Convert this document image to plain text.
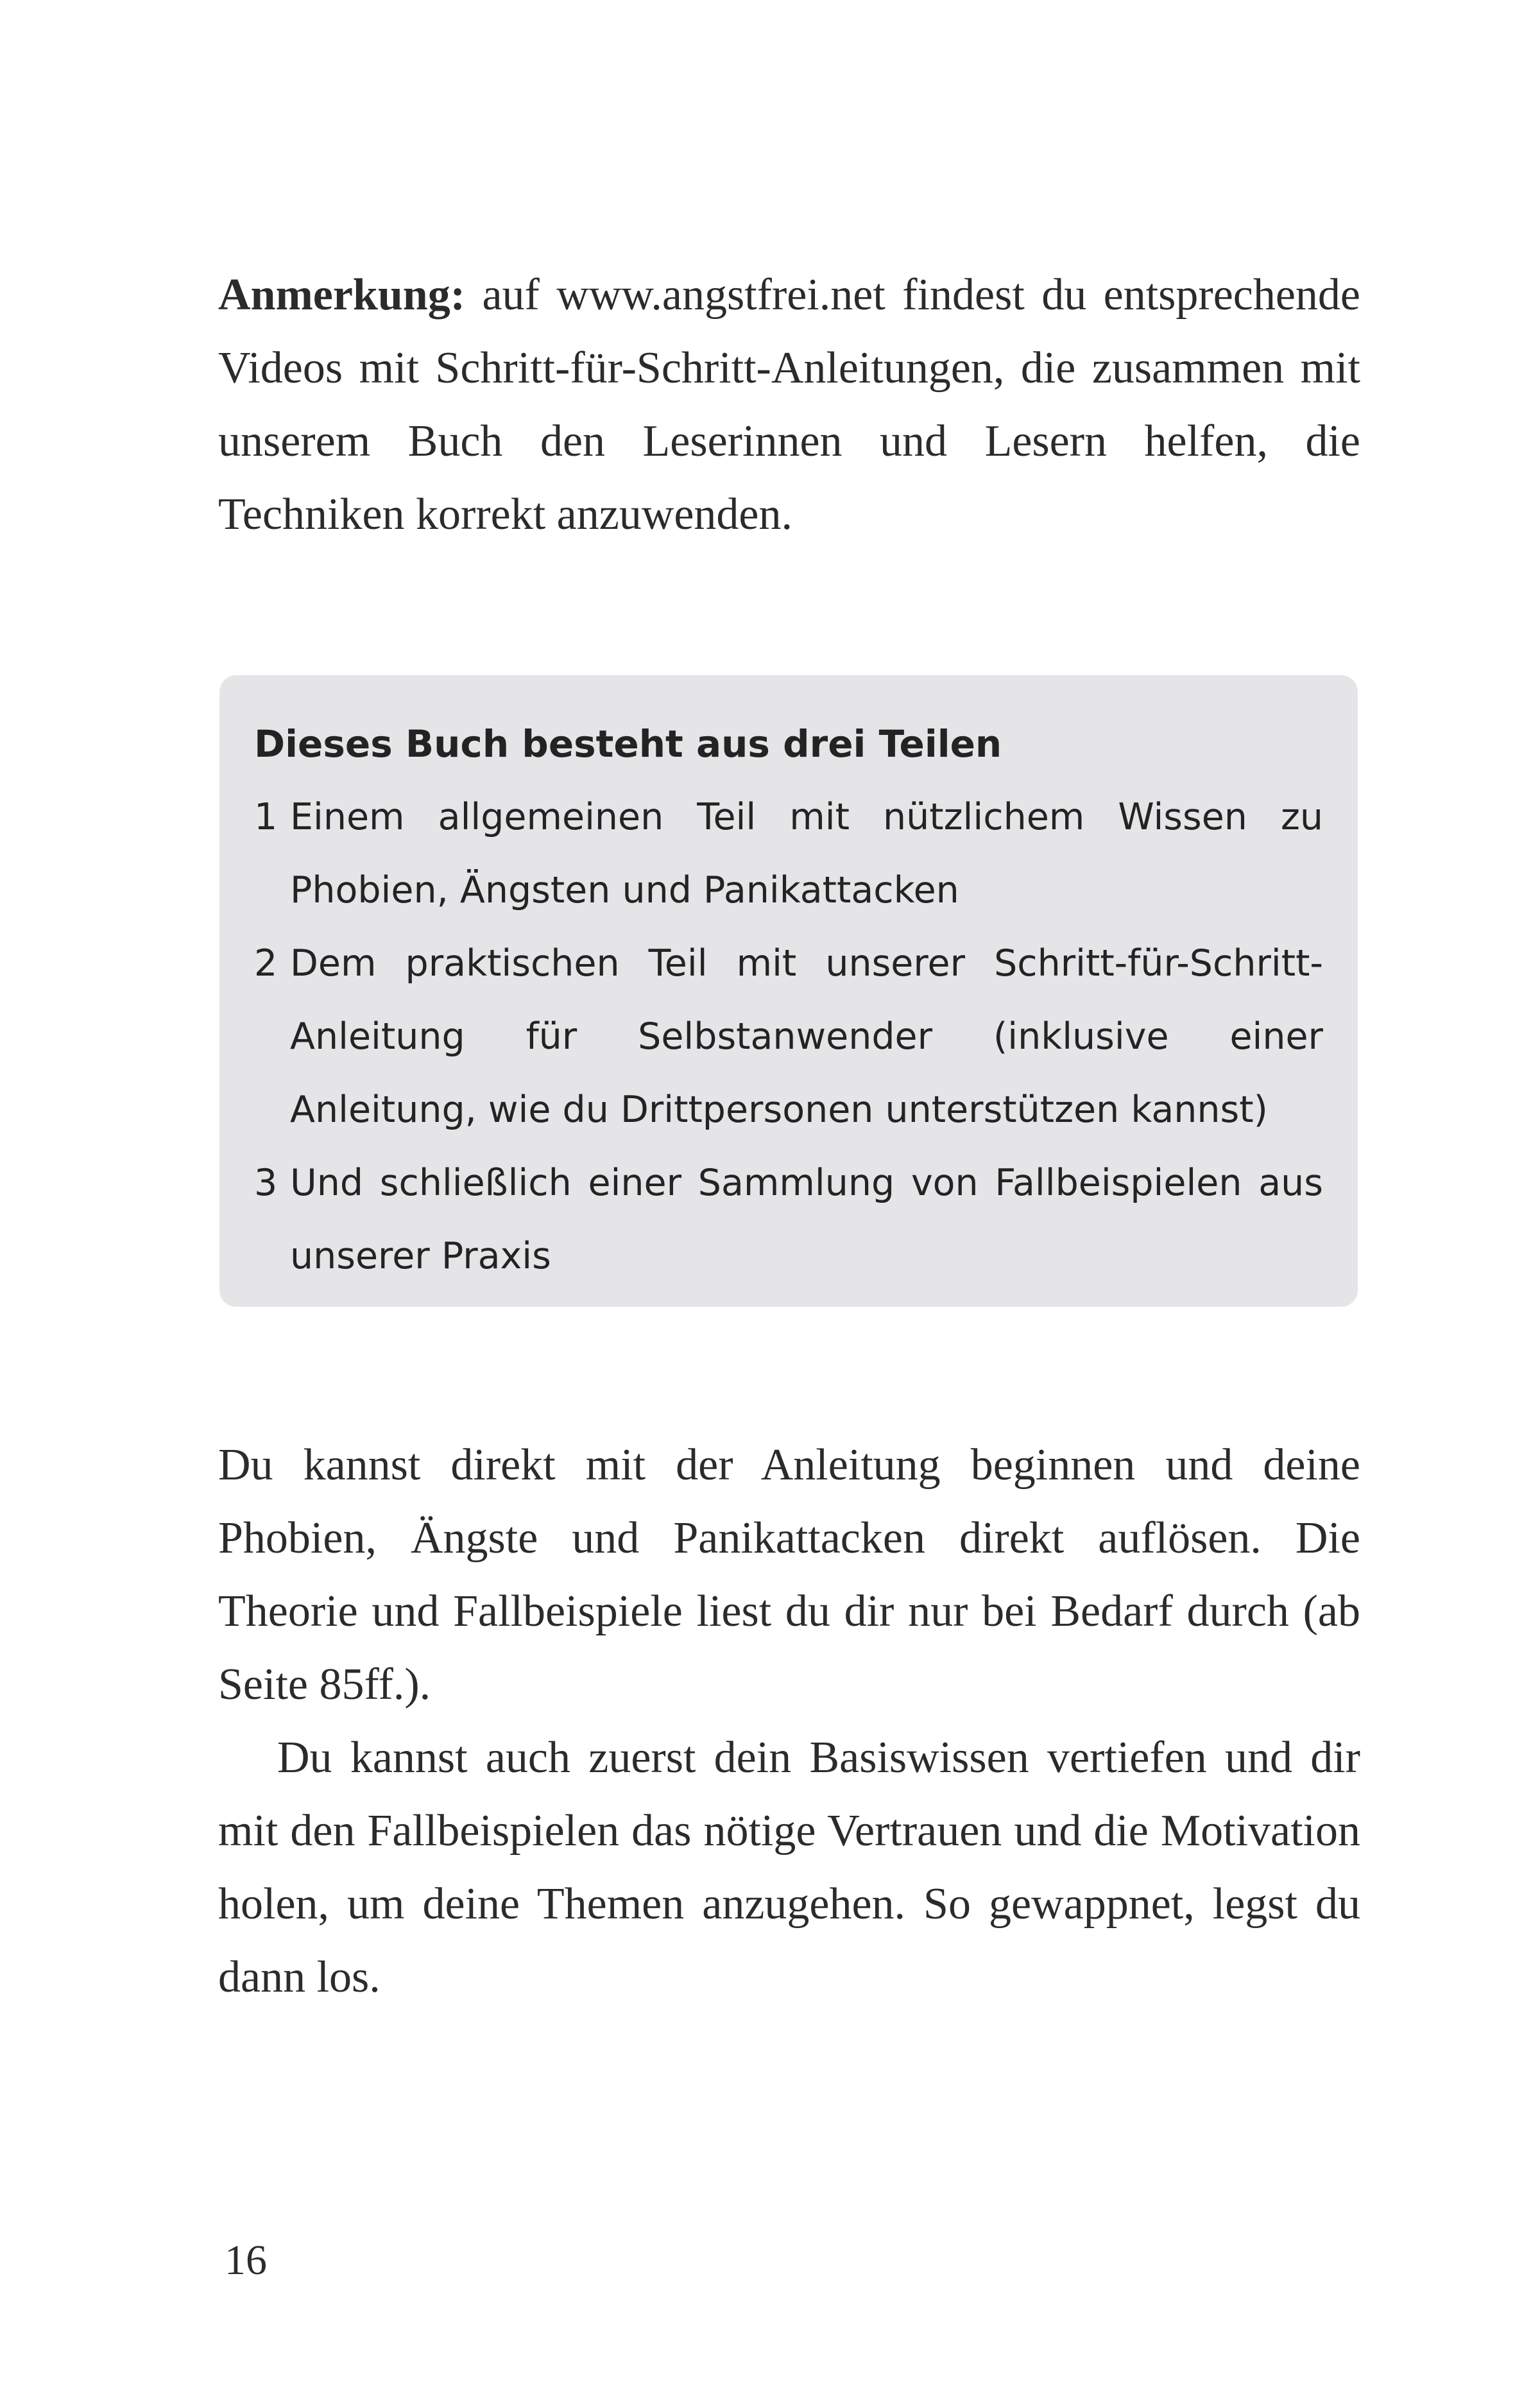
Anmerkung: auf www.angstfrei.net findest du entsprechende Videos mit Schritt-für-Schritt-Anleitungen, die zusammen mit unserem Buch den Leserinnen und Lesern helfen, die Techniken korrekt anzuwenden.

Dieses Buch besteht aus drei Teilen

1 Einem allgemeinen Teil mit nützlichem Wissen zu Phobien, Ängsten und Panikattacken
2 Dem praktischen Teil mit unserer Schritt-für-Schritt-Anleitung für Selbstanwender (inklusive einer Anleitung, wie du Drittpersonen unterstützen kannst)
3 Und schließlich einer Sammlung von Fallbeispielen aus unserer Praxis

Du kannst direkt mit der Anleitung beginnen und deine Phobien, Ängste und Panikattacken direkt auflösen. Die Theorie und Fallbeispiele liest du dir nur bei Bedarf durch (ab Seite 85ff.).

Du kannst auch zuerst dein Basiswissen vertiefen und dir mit den Fallbeispielen das nötige Vertrauen und die Motivation holen, um deine Themen anzugehen. So gewappnet, legst du dann los.

16
